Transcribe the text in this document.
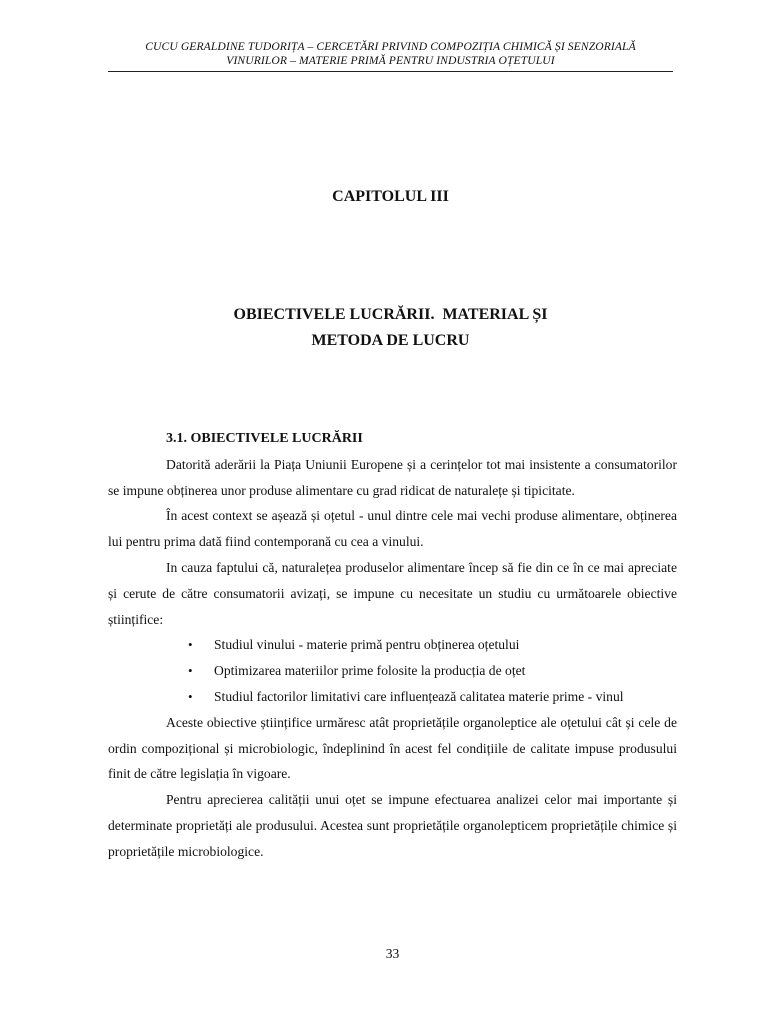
CUCU GERALDINE TUDORIȚA – CERCETĂRI PRIVIND COMPOZIȚIA CHIMICĂ ȘI SENZORIALĂ
VINURILOR – MATERIE PRIMĂ PENTRU INDUSTRIA OȚETULUI
CAPITOLUL III
OBIECTIVELE LUCRĂRII.  MATERIAL ȘI
METODA DE LUCRU

3.1. OBIECTIVELE LUCRĂRII

Datorită aderării la Piața Uniunii Europene și a cerințelor tot mai insistente a consumatorilor se impune obținerea unor produse alimentare cu grad ridicat de naturalețe și tipicitate.

În acest context se așează și oțetul - unul dintre cele mai vechi produse alimentare, obținerea lui pentru prima dată fiind contemporană cu cea a vinului.

In cauza faptului că, naturalețea produselor alimentare încep să fie din ce în ce mai apreciate și cerute de către consumatorii avizați, se impune cu necesitate un studiu cu următoarele obiective științifice:

• Studiul vinului - materie primă pentru obținerea oțetului
• Optimizarea materiilor prime folosite la producția de oțet
• Studiul factorilor limitativi care influențează calitatea materie prime - vinul

Aceste obiective științifice urmăresc atât proprietățile organoleptice ale oțetului cât și cele de ordin compozițional și microbiologic, îndeplinind în acest fel condițiile de calitate impuse produsului finit de către legislația în vigoare.

Pentru aprecierea calității unui oțet se impune efectuarea analizei celor mai importante și determinate proprietăți ale produsului. Acestea sunt proprietățile organolepticem proprietățile chimice și proprietățile microbiologice.

33
